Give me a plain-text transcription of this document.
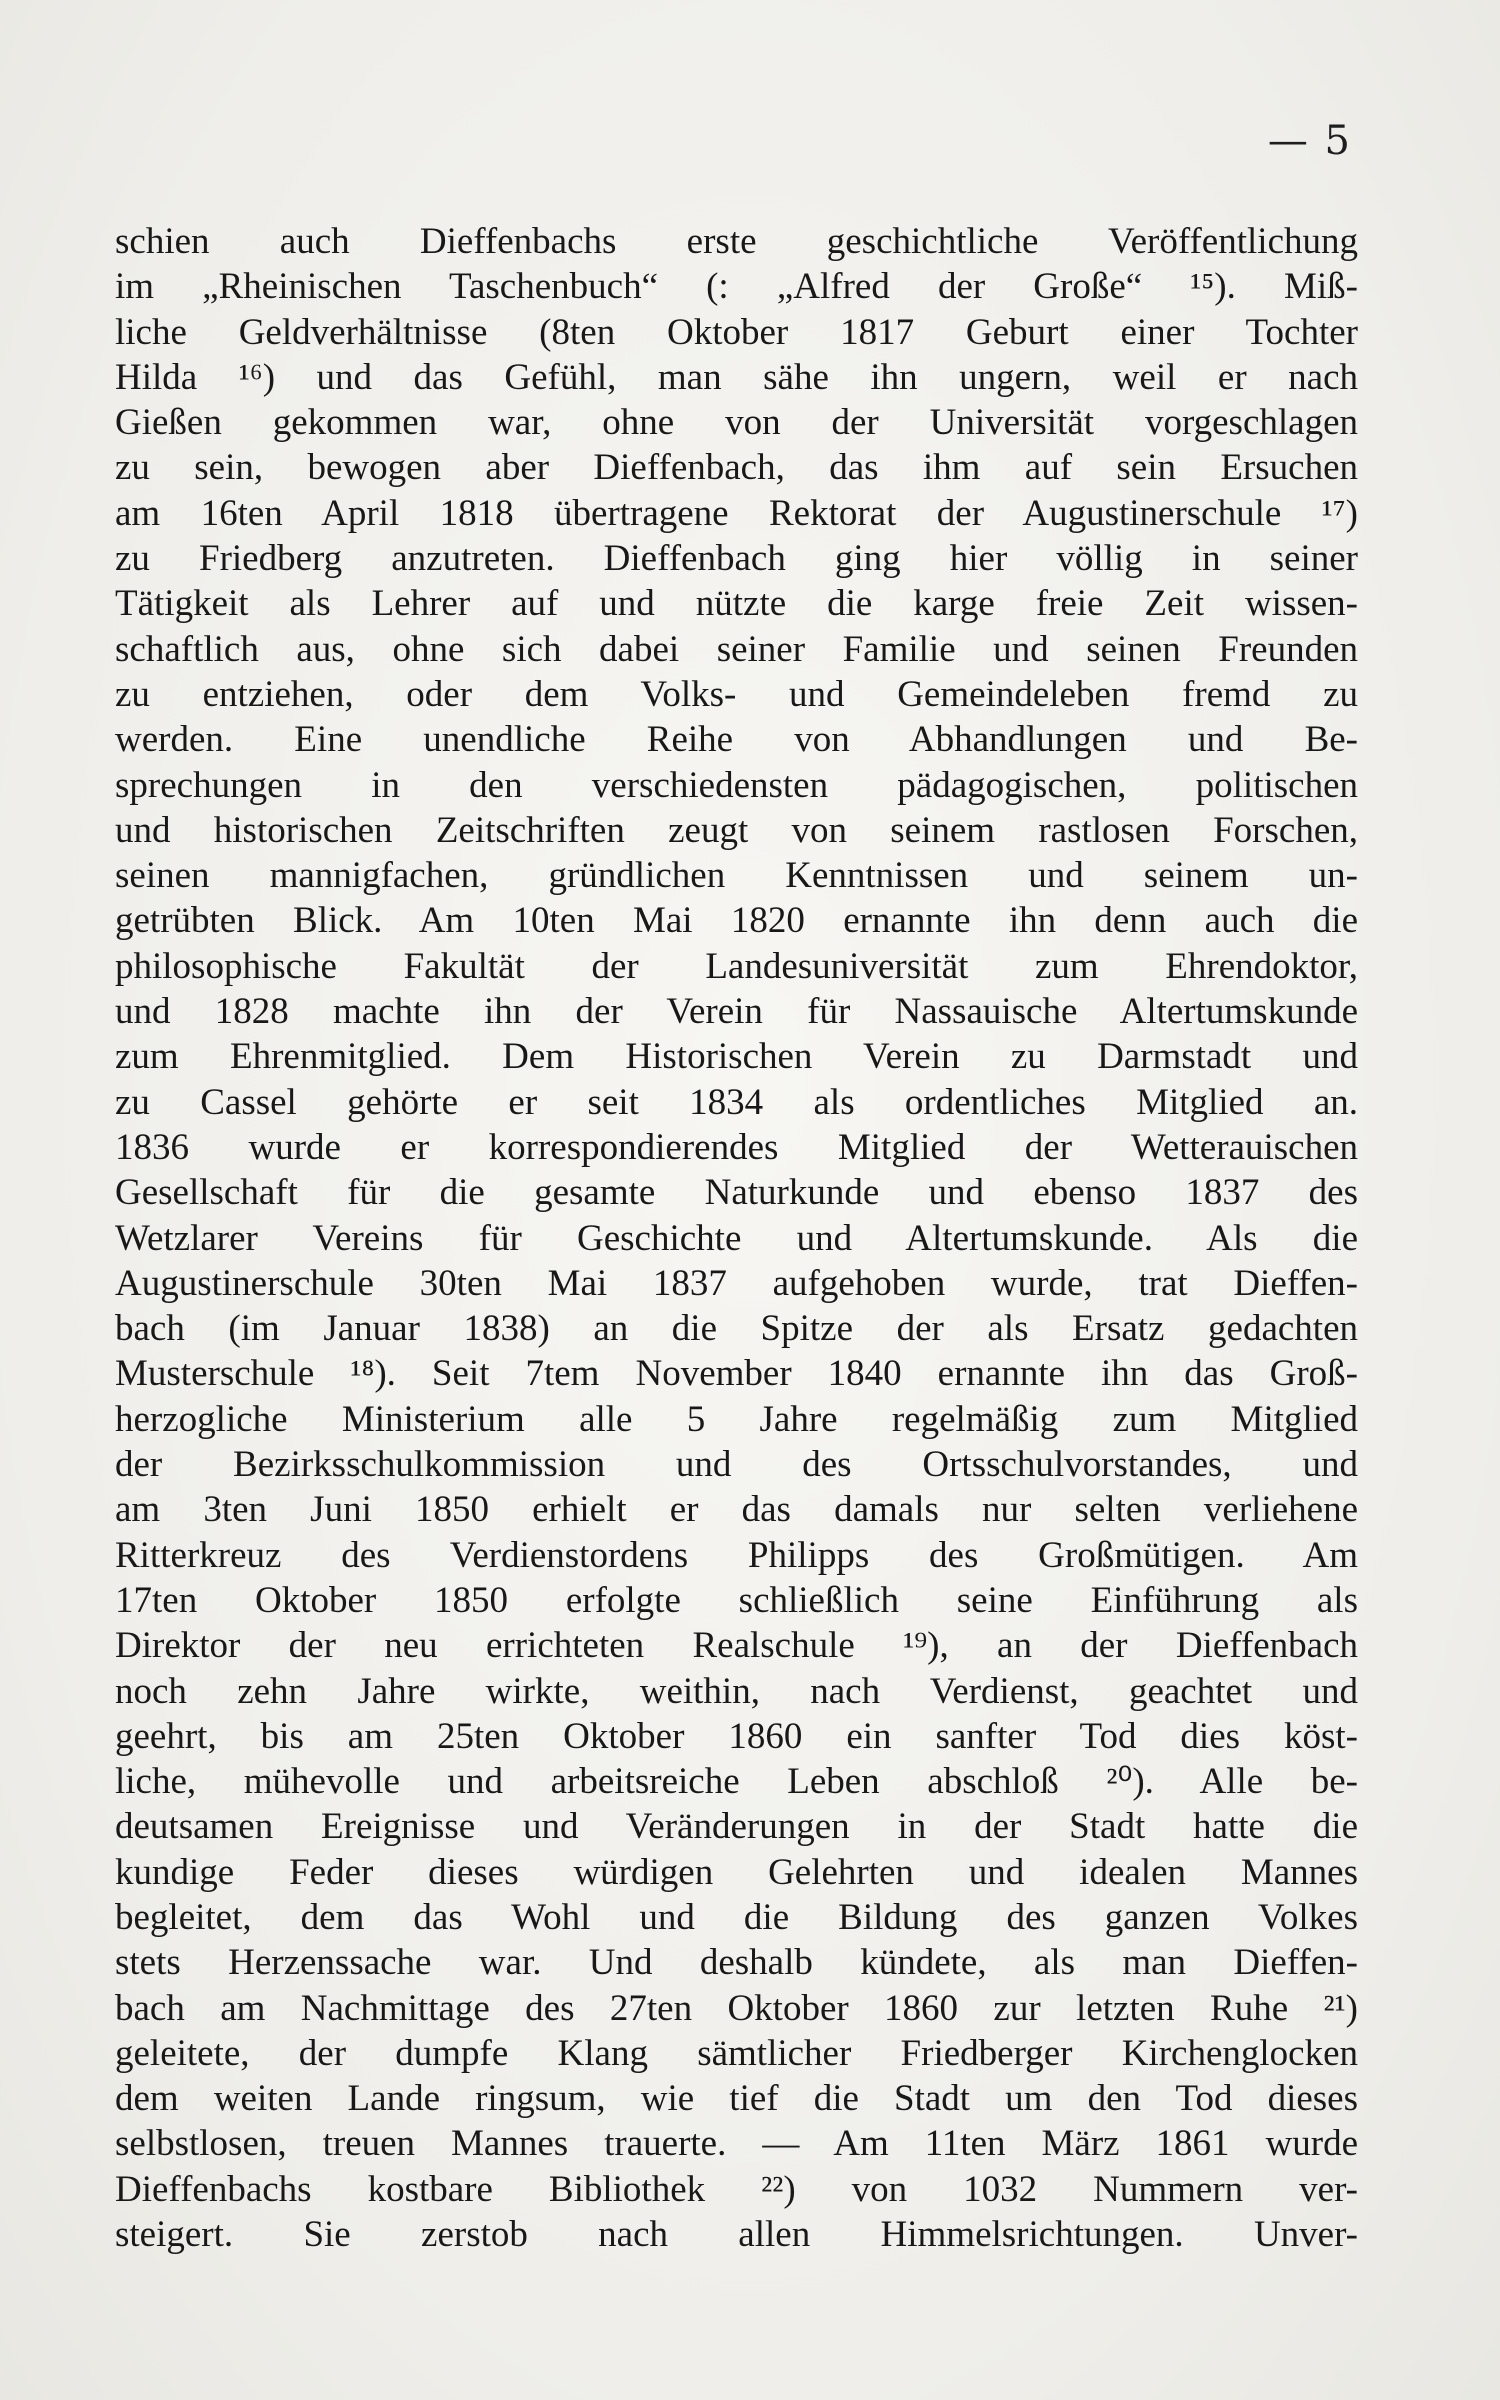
— 5
schien auch Dieffenbachs erste geschichtliche Veröffentlichung
im „Rheinischen Taschenbuch“ (: „Alfred der Große“ ¹⁵). Miß-
liche Geldverhältnisse (8ten Oktober 1817 Geburt einer Tochter
Hilda ¹⁶) und das Gefühl, man sähe ihn ungern, weil er nach
Gießen gekommen war, ohne von der Universität vorgeschlagen
zu sein, bewogen aber Dieffenbach, das ihm auf sein Ersuchen
am 16ten April 1818 übertragene Rektorat der Augustinerschule ¹⁷)
zu Friedberg anzutreten. Dieffenbach ging hier völlig in seiner
Tätigkeit als Lehrer auf und nützte die karge freie Zeit wissen-
schaftlich aus, ohne sich dabei seiner Familie und seinen Freunden
zu entziehen, oder dem Volks- und Gemeindeleben fremd zu
werden. Eine unendliche Reihe von Abhandlungen und Be-
sprechungen in den verschiedensten pädagogischen, politischen
und historischen Zeitschriften zeugt von seinem rastlosen Forschen,
seinen mannigfachen, gründlichen Kenntnissen und seinem un-
getrübten Blick. Am 10ten Mai 1820 ernannte ihn denn auch die
philosophische Fakultät der Landesuniversität zum Ehrendoktor,
und 1828 machte ihn der Verein für Nassauische Altertumskunde
zum Ehrenmitglied. Dem Historischen Verein zu Darmstadt und
zu Cassel gehörte er seit 1834 als ordentliches Mitglied an.
1836 wurde er korrespondierendes Mitglied der Wetterauischen
Gesellschaft für die gesamte Naturkunde und ebenso 1837 des
Wetzlarer Vereins für Geschichte und Altertumskunde. Als die
Augustinerschule 30ten Mai 1837 aufgehoben wurde, trat Dieffen-
bach (im Januar 1838) an die Spitze der als Ersatz gedachten
Musterschule ¹⁸). Seit 7tem November 1840 ernannte ihn das Groß-
herzogliche Ministerium alle 5 Jahre regelmäßig zum Mitglied
der Bezirksschulkommission und des Ortsschulvorstandes, und
am 3ten Juni 1850 erhielt er das damals nur selten verliehene
Ritterkreuz des Verdienstordens Philipps des Großmütigen. Am
17ten Oktober 1850 erfolgte schließlich seine Einführung als
Direktor der neu errichteten Realschule ¹⁹), an der Dieffenbach
noch zehn Jahre wirkte, weithin, nach Verdienst, geachtet und
geehrt, bis am 25ten Oktober 1860 ein sanfter Tod dies köst-
liche, mühevolle und arbeitsreiche Leben abschloß ²⁰). Alle be-
deutsamen Ereignisse und Veränderungen in der Stadt hatte die
kundige Feder dieses würdigen Gelehrten und idealen Mannes
begleitet, dem das Wohl und die Bildung des ganzen Volkes
stets Herzenssache war. Und deshalb kündete, als man Dieffen-
bach am Nachmittage des 27ten Oktober 1860 zur letzten Ruhe ²¹)
geleitete, der dumpfe Klang sämtlicher Friedberger Kirchenglocken
dem weiten Lande ringsum, wie tief die Stadt um den Tod dieses
selbstlosen, treuen Mannes trauerte. — Am 11ten März 1861 wurde
Dieffenbachs kostbare Bibliothek ²²) von 1032 Nummern ver-
steigert. Sie zerstob nach allen Himmelsrichtungen. Unver-
